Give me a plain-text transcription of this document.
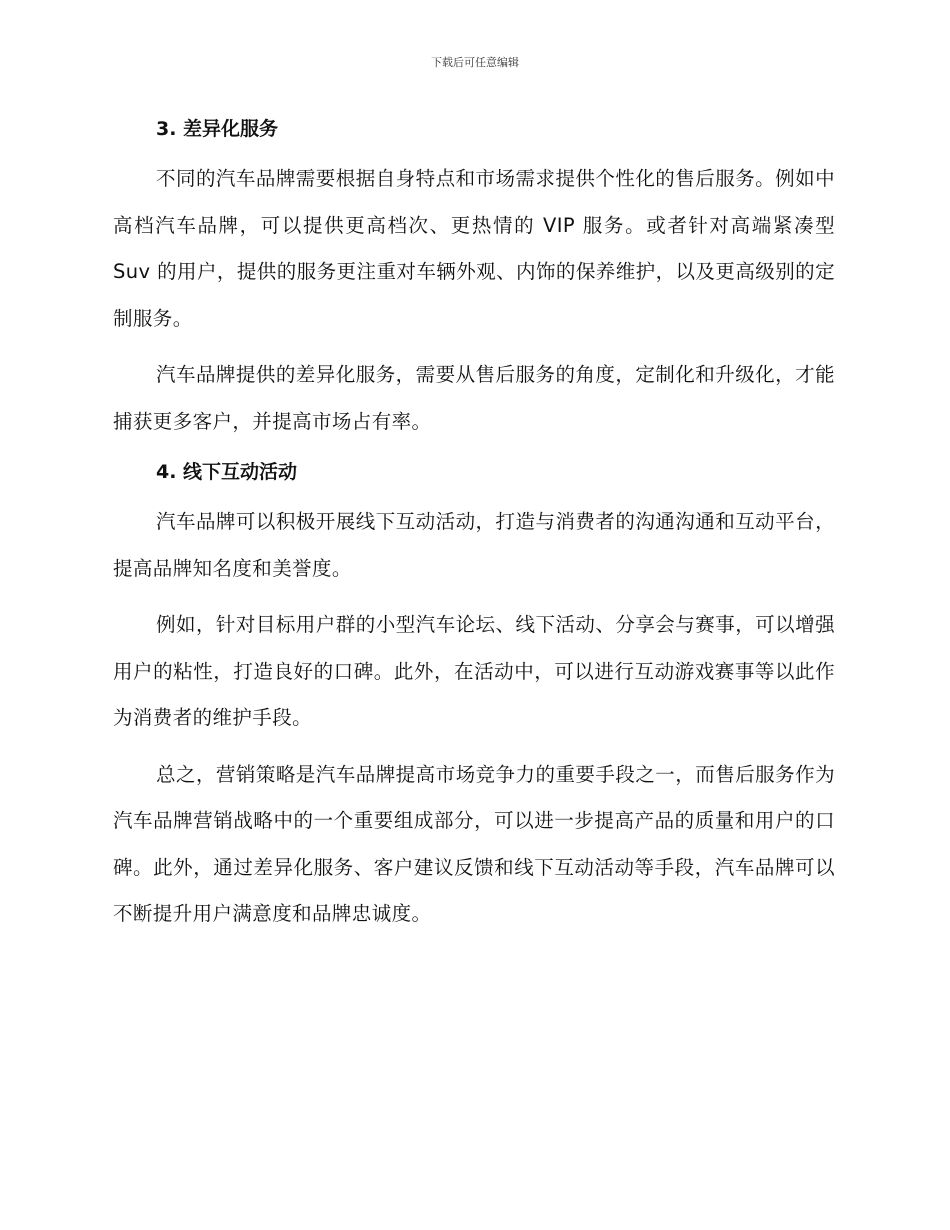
下载后可任意编辑
3. 差异化服务

不同的汽车品牌需要根据自身特点和市场需求提供个性化的售后服务。例如中高档汽车品牌，可以提供更高档次、更热情的 VIP 服务。或者针对高端紧凑型 Suv 的用户，提供的服务更注重对车辆外观、内饰的保养维护，以及更高级别的定制服务。

汽车品牌提供的差异化服务，需要从售后服务的角度，定制化和升级化，才能捕获更多客户，并提高市场占有率。

4. 线下互动活动

汽车品牌可以积极开展线下互动活动，打造与消费者的沟通沟通和互动平台，提高品牌知名度和美誉度。

例如，针对目标用户群的小型汽车论坛、线下活动、分享会与赛事，可以增强用户的粘性，打造良好的口碑。此外，在活动中，可以进行互动游戏赛事等以此作为消费者的维护手段。

总之，营销策略是汽车品牌提高市场竞争力的重要手段之一，而售后服务作为汽车品牌营销战略中的一个重要组成部分，可以进一步提高产品的质量和用户的口碑。此外，通过差异化服务、客户建议反馈和线下互动活动等手段，汽车品牌可以不断提升用户满意度和品牌忠诚度。
